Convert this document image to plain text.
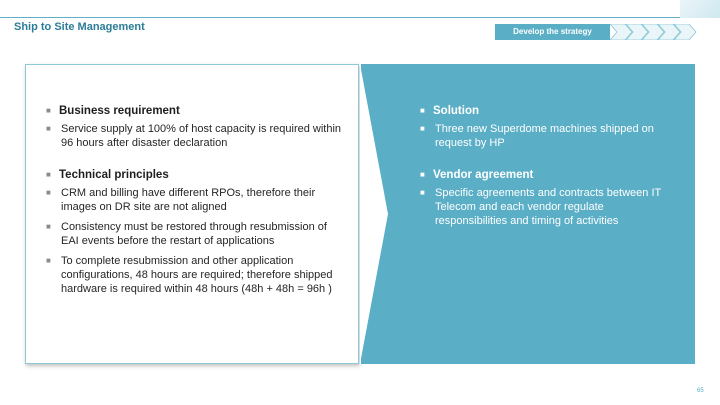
Ship to Site Management	Develop the strategy
■ Business requirement
■ Service supply at 100% of host capacity is required within 96 hours after disaster declaration
■ Technical principles
■ CRM and billing have different RPOs, therefore their images on DR site are not aligned
■ Consistency must be restored through resubmission of EAI events before the restart of applications
■ To complete resubmission and other application configurations, 48 hours are required; therefore shipped hardware is required within 48 hours (48h + 48h = 96h )
■ Solution
■ Three new Superdome machines shipped on request by HP
■ Vendor agreement
■ Specific agreements and contracts between IT Telecom and each vendor regulate responsibilities and timing of activities
65
